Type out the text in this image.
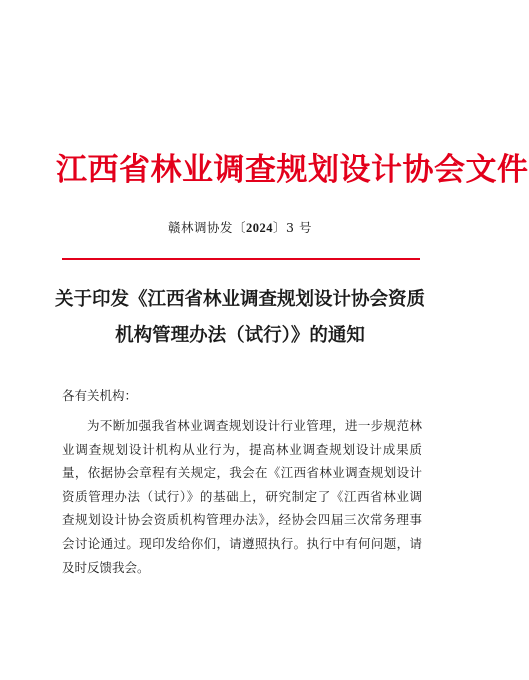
江西省林业调查规划设计协会文件
赣林调协发〔2024〕3 号
关于印发《江西省林业调查规划设计协会资质
机构管理办法（试行）》的通知
各有关机构：
为不断加强我省林业调查规划设计行业管理，进一步规范林
业调查规划设计机构从业行为，提高林业调查规划设计成果质
量，依据协会章程有关规定，我会在《江西省林业调查规划设计
资质管理办法（试行）》的基础上，研究制定了《江西省林业调
查规划设计协会资质机构管理办法》，经协会四届三次常务理事
会讨论通过。现印发给你们，请遵照执行。执行中有何问题，请
及时反馈我会。
